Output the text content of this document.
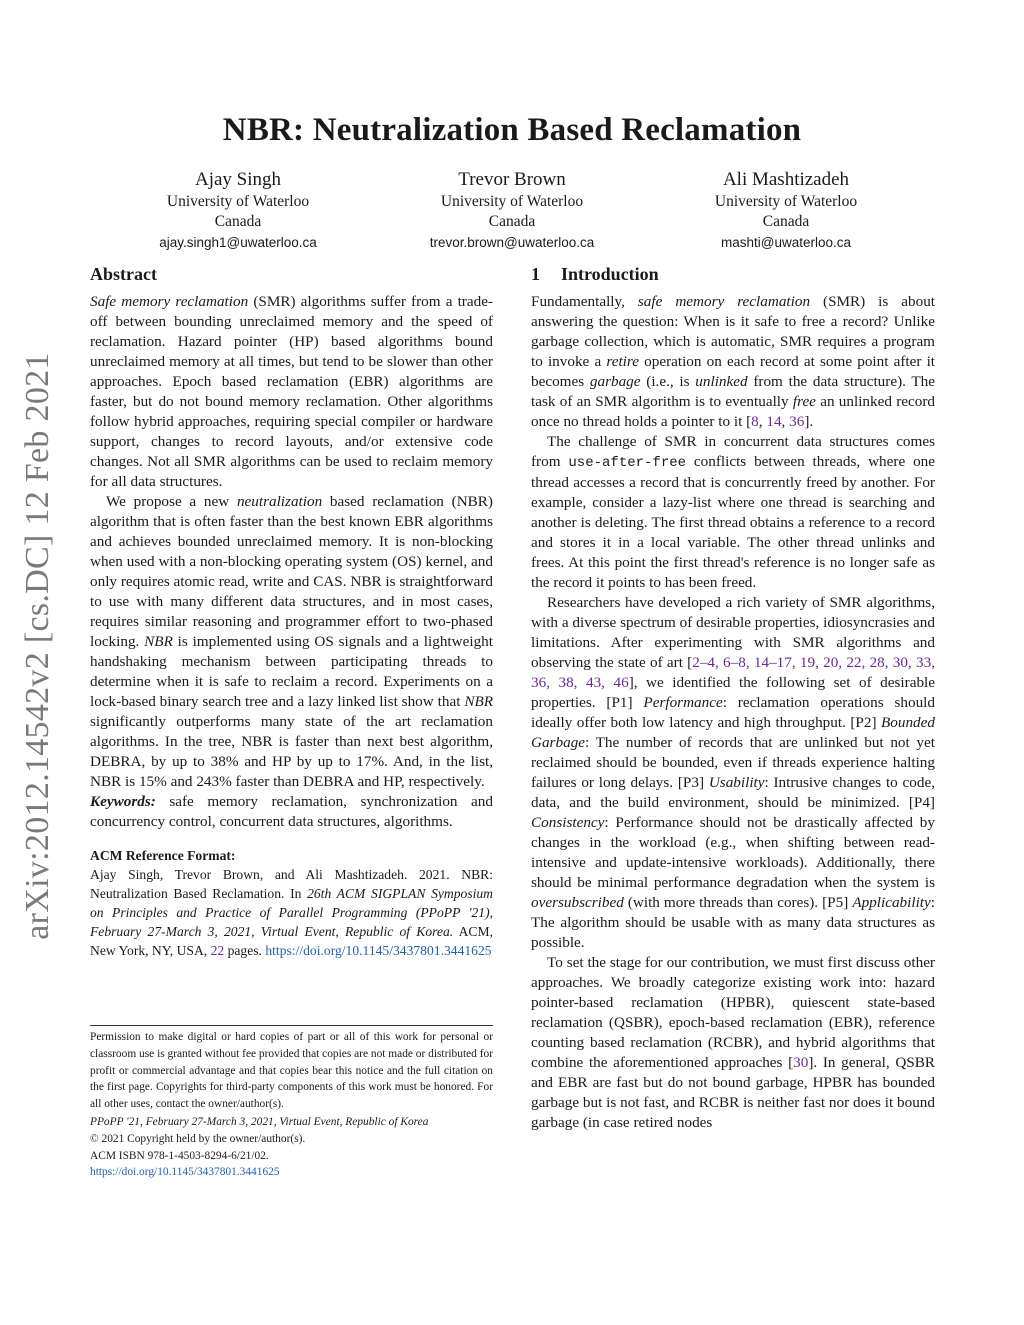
arXiv:2012.14542v2 [cs.DC] 12 Feb 2021
NBR: Neutralization Based Reclamation
Ajay Singh
University of Waterloo
Canada
ajay.singh1@uwaterloo.ca
Trevor Brown
University of Waterloo
Canada
trevor.brown@uwaterloo.ca
Ali Mashtizadeh
University of Waterloo
Canada
mashti@uwaterloo.ca
Abstract

Safe memory reclamation (SMR) algorithms suffer from a trade-off between bounding unreclaimed memory and the speed of reclamation. Hazard pointer (HP) based algorithms bound unreclaimed memory at all times, but tend to be slower than other approaches. Epoch based reclamation (EBR) algorithms are faster, but do not bound memory reclamation. Other algorithms follow hybrid approaches, requiring special compiler or hardware support, changes to record layouts, and/or extensive code changes. Not all SMR algorithms can be used to reclaim memory for all data structures.

We propose a new neutralization based reclamation (NBR) algorithm that is often faster than the best known EBR algorithms and achieves bounded unreclaimed memory. It is non-blocking when used with a non-blocking operating system (OS) kernel, and only requires atomic read, write and CAS. NBR is straightforward to use with many different data structures, and in most cases, requires similar reasoning and programmer effort to two-phased locking. NBR is implemented using OS signals and a lightweight handshaking mechanism between participating threads to determine when it is safe to reclaim a record. Experiments on a lock-based binary search tree and a lazy linked list show that NBR significantly outperforms many state of the art reclamation algorithms. In the tree, NBR is faster than next best algorithm, DEBRA, by up to 38% and HP by up to 17%. And, in the list, NBR is 15% and 243% faster than DEBRA and HP, respectively.

Keywords: safe memory reclamation, synchronization and concurrency control, concurrent data structures, algorithms.

ACM Reference Format:
Ajay Singh, Trevor Brown, and Ali Mashtizadeh. 2021. NBR: Neutralization Based Reclamation. In 26th ACM SIGPLAN Symposium on Principles and Practice of Parallel Programming (PPoPP '21), February 27-March 3, 2021, Virtual Event, Republic of Korea. ACM, New York, NY, USA, 22 pages. https://doi.org/10.1145/3437801.3441625

Permission to make digital or hard copies of part or all of this work for personal or classroom use is granted without fee provided that copies are not made or distributed for profit or commercial advantage and that copies bear this notice and the full citation on the first page. Copyrights for third-party components of this work must be honored. For all other uses, contact the owner/author(s).

PPoPP '21, February 27-March 3, 2021, Virtual Event, Republic of Korea

© 2021 Copyright held by the owner/author(s).

ACM ISBN 978-1-4503-8294-6/21/02.

https://doi.org/10.1145/3437801.3441625

1 Introduction

Fundamentally, safe memory reclamation (SMR) is about answering the question: When is it safe to free a record? Unlike garbage collection, which is automatic, SMR requires a program to invoke a retire operation on each record at some point after it becomes garbage (i.e., is unlinked from the data structure). The task of an SMR algorithm is to eventually free an unlinked record once no thread holds a pointer to it [8, 14, 36].

The challenge of SMR in concurrent data structures comes from use-after-free conflicts between threads, where one thread accesses a record that is concurrently freed by another. For example, consider a lazy-list where one thread is searching and another is deleting. The first thread obtains a reference to a record and stores it in a local variable. The other thread unlinks and frees. At this point the first thread's reference is no longer safe as the record it points to has been freed.

Researchers have developed a rich variety of SMR algorithms, with a diverse spectrum of desirable properties, idiosyncrasies and limitations. After experimenting with SMR algorithms and observing the state of art [2–4, 6–8, 14–17, 19, 20, 22, 28, 30, 33, 36, 38, 43, 46], we identified the following set of desirable properties. [P1] Performance: reclamation operations should ideally offer both low latency and high throughput. [P2] Bounded Garbage: The number of records that are unlinked but not yet reclaimed should be bounded, even if threads experience halting failures or long delays. [P3] Usability: Intrusive changes to code, data, and the build environment, should be minimized. [P4] Consistency: Performance should not be drastically affected by changes in the workload (e.g., when shifting between read-intensive and update-intensive workloads). Additionally, there should be minimal performance degradation when the system is oversubscribed (with more threads than cores). [P5] Applicability: The algorithm should be usable with as many data structures as possible.

To set the stage for our contribution, we must first discuss other approaches. We broadly categorize existing work into: hazard pointer-based reclamation (HPBR), quiescent state-based reclamation (QSBR), epoch-based reclamation (EBR), reference counting based reclamation (RCBR), and hybrid algorithms that combine the aforementioned approaches [30]. In general, QSBR and EBR are fast but do not bound garbage, HPBR has bounded garbage but is not fast, and RCBR is neither fast nor does it bound garbage (in case retired nodes
